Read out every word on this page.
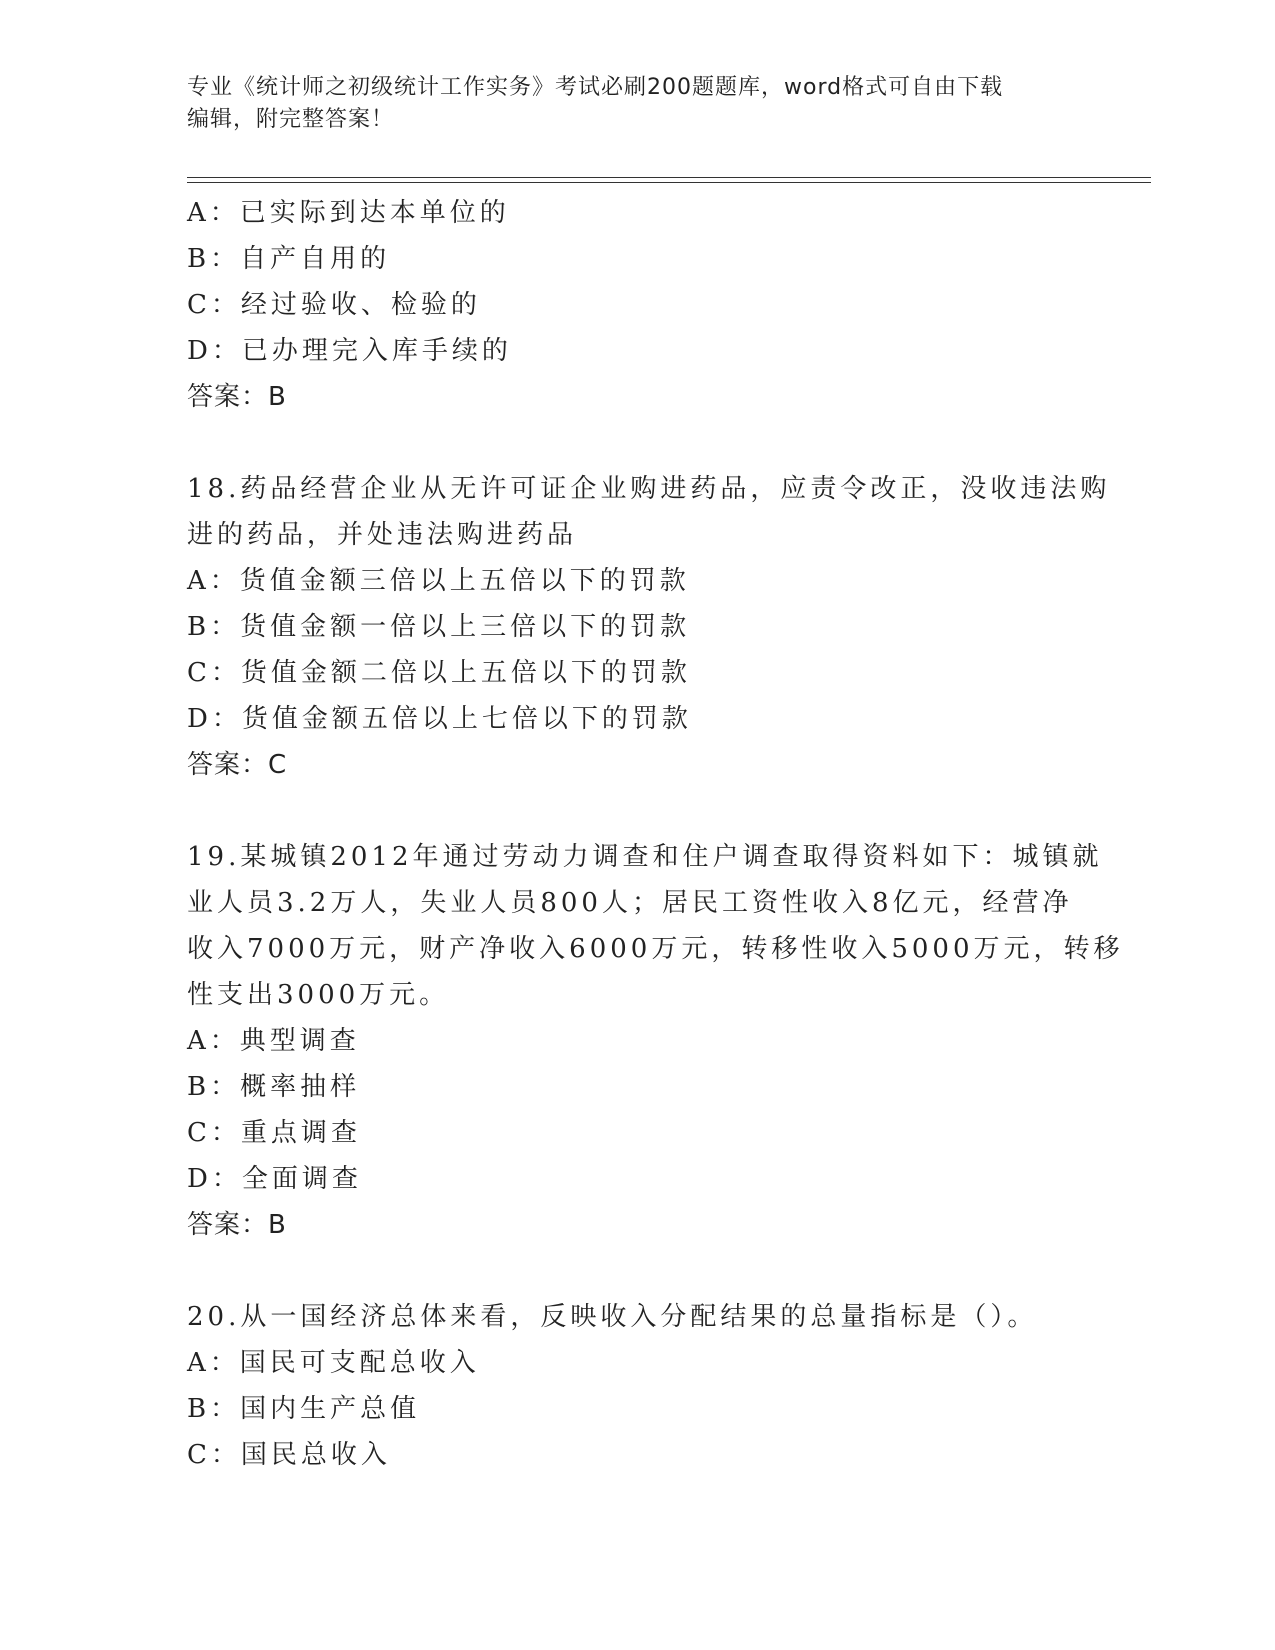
专业《统计师之初级统计工作实务》考试必刷200题题库，word格式可自由下载
编辑，附完整答案！
A：已实际到达本单位的
B：自产自用的
C：经过验收、检验的
D：已办理完入库手续的
答案：B
18.药品经营企业从无许可证企业购进药品，应责令改正，没收违法购
进的药品，并处违法购进药品
A：货值金额三倍以上五倍以下的罚款
B：货值金额一倍以上三倍以下的罚款
C：货值金额二倍以上五倍以下的罚款
D：货值金额五倍以上七倍以下的罚款
答案：C
19.某城镇2012年通过劳动力调查和住户调查取得资料如下：城镇就
业人员3.2万人，失业人员800人；居民工资性收入8亿元，经营净
收入7000万元，财产净收入6000万元，转移性收入5000万元，转移
性支出3000万元。
A：典型调查
B：概率抽样
C：重点调查
D：全面调查
答案：B
20.从一国经济总体来看，反映收入分配结果的总量指标是（）。
A：国民可支配总收入
B：国内生产总值
C：国民总收入
